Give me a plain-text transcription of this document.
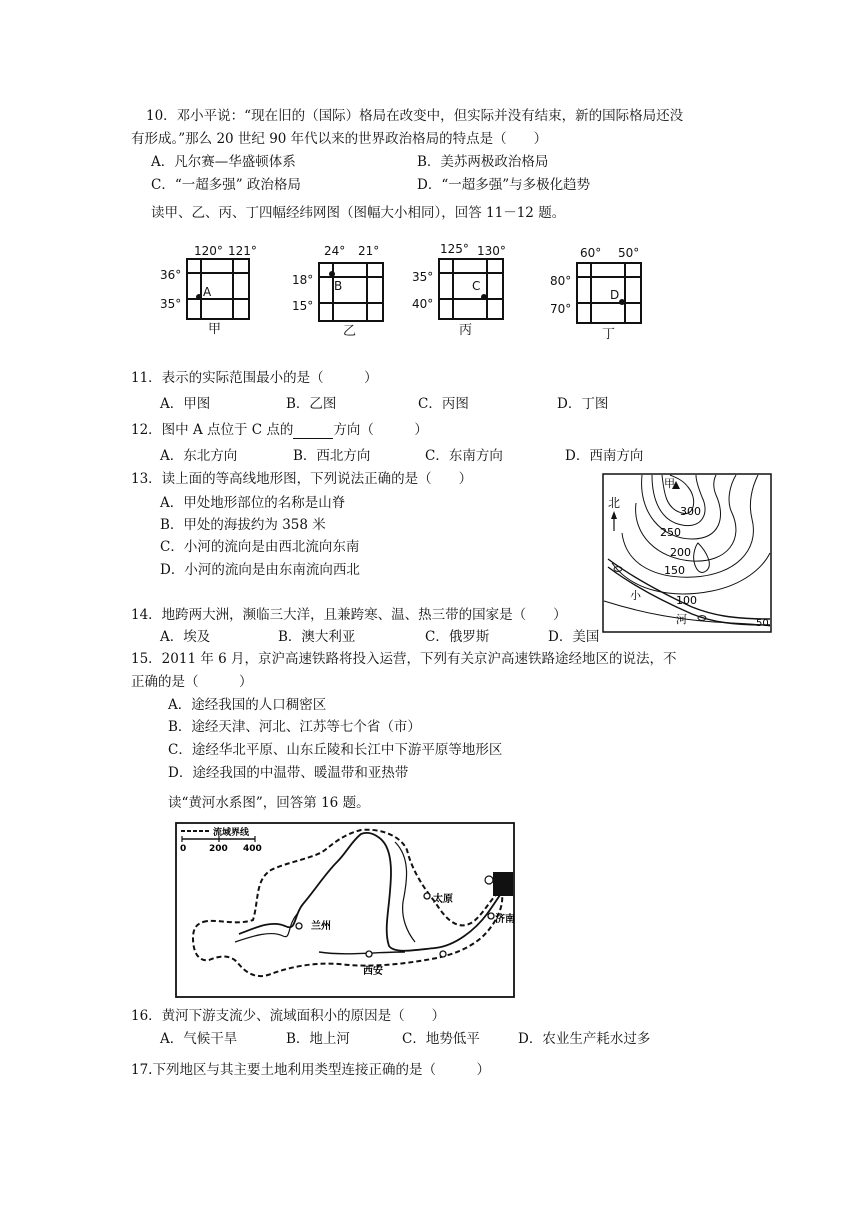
10．邓小平说：“现在旧的（国际）格局在改变中，但实际并没有结束，新的国际格局还没
有形成。”那么 20 世纪 90 年代以来的世界政治格局的特点是（　　）
A．凡尔赛—华盛顿体系	B．美苏两极政治格局
C．“一超多强” 政治格局	D．“一超多强”与多极化趋势
读甲、乙、丙、丁四幅经纬网图（图幅大小相同），回答 11－12 题。
120° 121°
36°
35°
A
甲
24° 21°
18°
15°
B
乙
125° 130°
35°
40°
C
丙
60° 50°
80°
70°
D
丁
11．表示的实际范围最小的是（　　　）
A．甲图	B．乙图	C．丙图	D．丁图
12．图中 A 点位于 C 点的	方向（　　　）
A．东北方向	B．西北方向	C．东南方向	D．西南方向
13．读上面的等高线地形图，下列说法正确的是（　　）
A．甲处地形部位的名称是山脊
B．甲处的海拔约为 358 米
C．小河的流向是由西北流向东南
D．小河的流向是由东南流向西北
北
甲
300
250
200
150
100
50
小
河
14．地跨两大洲，濒临三大洋，且兼跨寒、温、热三带的国家是（　　）
A．埃及	B．澳大利亚	C．俄罗斯	D．美国
15．2011 年 6 月，京沪高速铁路将投入运营，下列有关京沪高速铁路途经地区的说法，不
正确的是（　　　）
A．途经我国的人口稠密区
B．途经天津、河北、江苏等七个省（市）
C．途经华北平原、山东丘陵和长江中下游平原等地形区
D．途经我国的中温带、暖温带和亚热带
读“黄河水系图”，回答第 16 题。
流域界线
0	200 400
兰州
西安
太原
济南
16．黄河下游支流少、流域面积小的原因是（　　）
A．气候干旱	B．地上河	C．地势低平	D．农业生产耗水过多
17.下列地区与其主要土地利用类型连接正确的是（　　　）
